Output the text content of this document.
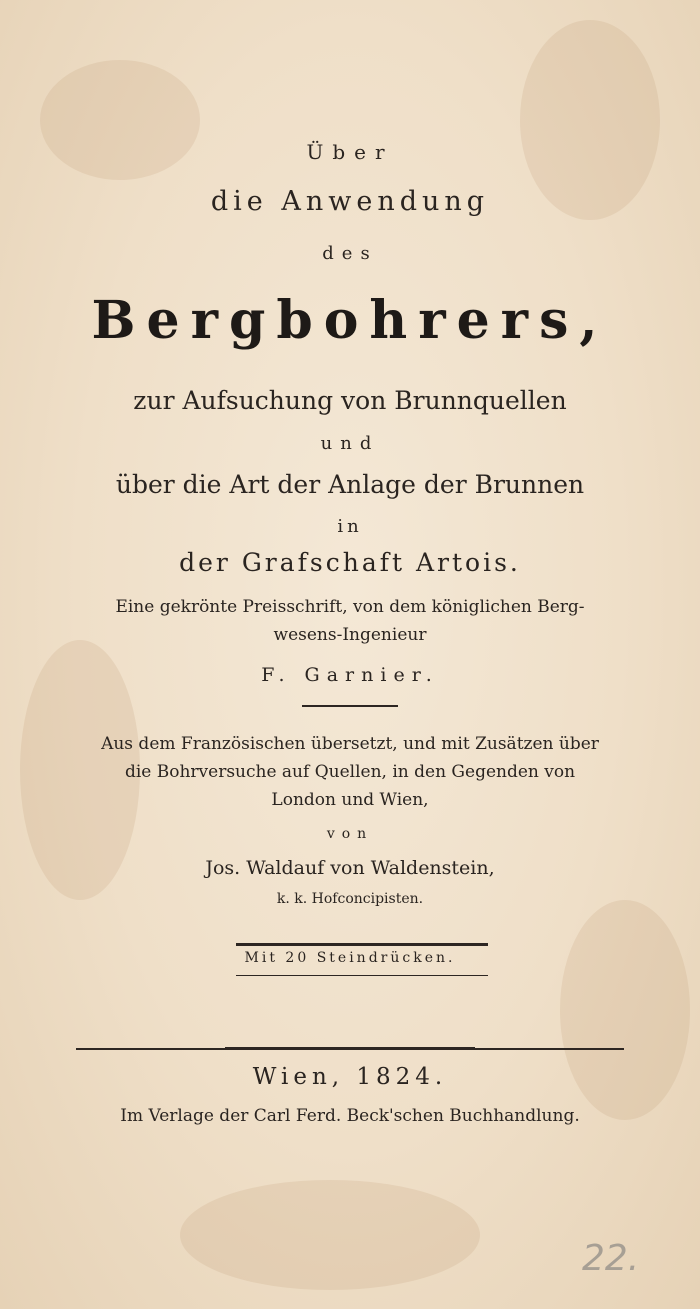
Über
die Anwendung
des
Bergbohrers,
zur Aufsuchung von Brunnquellen
und
über die Art der Anlage der Brunnen
in
der Grafschaft Artois.
Eine gekrönte Preisschrift, von dem königlichen Berg-
wesens-Ingenieur
F. Garnier.
Aus dem Französischen übersetzt, und mit Zusätzen über
die Bohrversuche auf Quellen, in den Gegenden von
London und Wien,
von
Jos. Waldauf von Waldenstein,
k. k. Hofconcipisten.
Mit 20 Steindrücken.
Wien, 1824.
Im Verlage der Carl Ferd. Beck'schen Buchhandlung.
22.
